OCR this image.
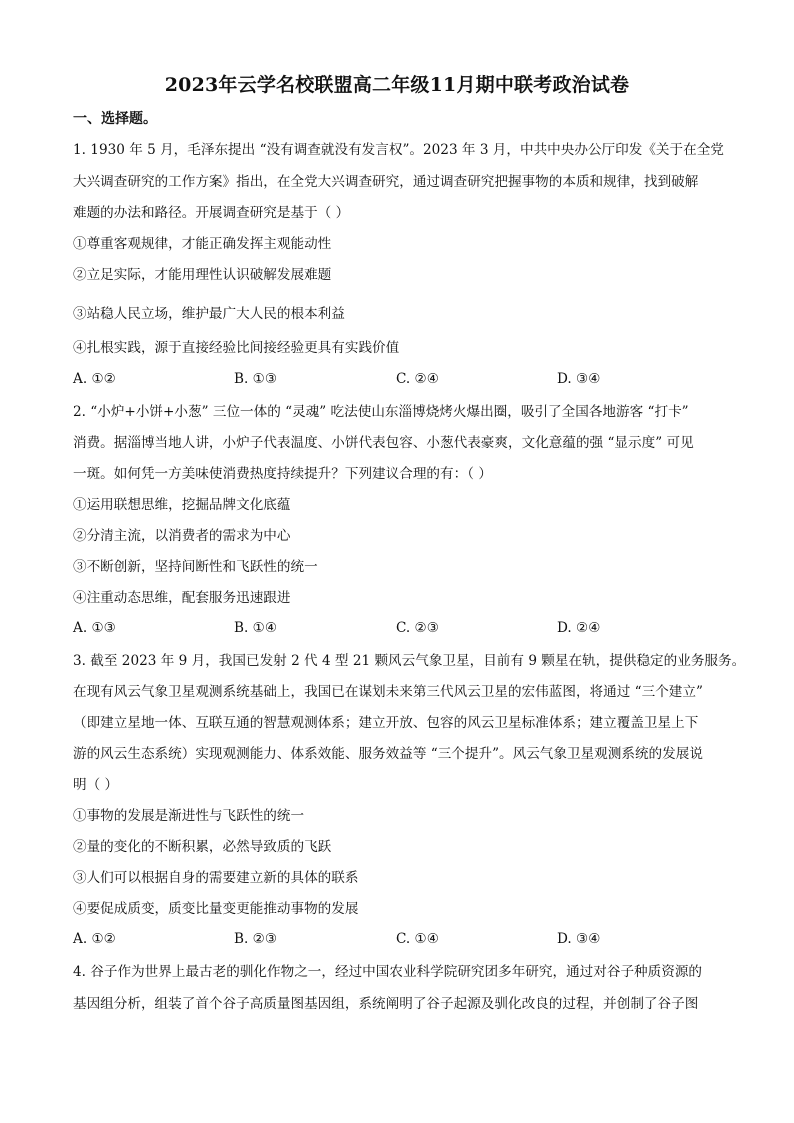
2023年云学名校联盟高二年级11月期中联考政治试卷
一、选择题。
1. 1930 年 5 月，毛泽东提出 “没有调查就没有发言权”。2023 年 3 月，中共中央办公厅印发《关于在全党
大兴调查研究的工作方案》指出，在全党大兴调查研究，通过调查研究把握事物的本质和规律，找到破解
难题的办法和路径。开展调查研究是基于（ ）
①尊重客观规律，才能正确发挥主观能动性
②立足实际，才能用理性认识破解发展难题
③站稳人民立场，维护最广大人民的根本利益
④扎根实践，源于直接经验比间接经验更具有实践价值
A. ①②	B. ①③	C. ②④	D. ③④
2. “小炉+小饼+小葱” 三位一体的 “灵魂” 吃法使山东淄博烧烤火爆出圈，吸引了全国各地游客 “打卡”
消费。据淄博当地人讲，小炉子代表温度、小饼代表包容、小葱代表豪爽，文化意蕴的强 “显示度” 可见
一斑。如何凭一方美味使消费热度持续提升？下列建议合理的有：（ ）
①运用联想思维，挖掘品牌文化底蕴
②分清主流，以消费者的需求为中心
③不断创新，坚持间断性和飞跃性的统一
④注重动态思维，配套服务迅速跟进
A. ①③	B. ①④	C. ②③	D. ②④
3. 截至 2023 年 9 月，我国已发射 2 代 4 型 21 颗风云气象卫星，目前有 9 颗星在轨，提供稳定的业务服务。
在现有风云气象卫星观测系统基础上，我国已在谋划未来第三代风云卫星的宏伟蓝图，将通过 “三个建立”
（即建立星地一体、互联互通的智慧观测体系；建立开放、包容的风云卫星标准体系；建立覆盖卫星上下
游的风云生态系统）实现观测能力、体系效能、服务效益等 “三个提升”。风云气象卫星观测系统的发展说
明（ ）
①事物的发展是渐进性与飞跃性的统一
②量的变化的不断积累，必然导致质的飞跃
③人们可以根据自身的需要建立新的具体的联系
④要促成质变，质变比量变更能推动事物的发展
A. ①②	B. ②③	C. ①④	D. ③④
4. 谷子作为世界上最古老的驯化作物之一，经过中国农业科学院研究团多年研究，通过对谷子种质资源的
基因组分析，组装了首个谷子高质量图基因组，系统阐明了谷子起源及驯化改良的过程，并创制了谷子图
